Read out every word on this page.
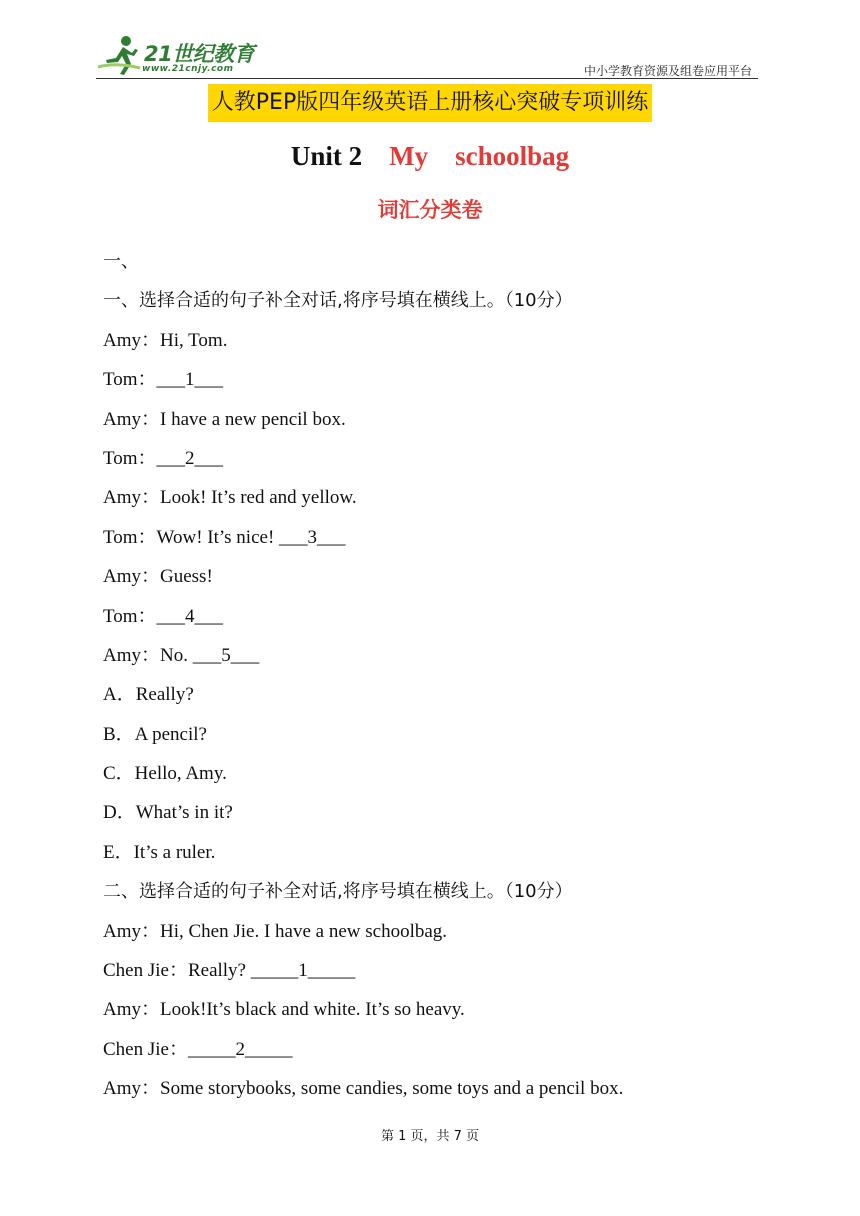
21世纪教育
www.21cnjy.com	中小学教育资源及组卷应用平台
人教PEP版四年级英语上册核心突破专项训练
Unit 2 My schoolbag
词汇分类卷
一、
一、选择合适的句子补全对话,将序号填在横线上。（10分）
Amy：Hi, Tom.
Tom：___1___
Amy：I have a new pencil box.
Tom：___2___
Amy：Look! It’s red and yellow.
Tom：Wow! It’s nice! ___3___
Amy：Guess!
Tom：___4___
Amy：No. ___5___
A．Really?
B．A pencil?
C．Hello, Amy.
D．What’s in it?
E．It’s a ruler.
二、选择合适的句子补全对话,将序号填在横线上。（10分）
Amy：Hi, Chen Jie. I have a new schoolbag.
Chen Jie：Really? _____1_____
Amy：Look!It’s black and white. It’s so heavy.
Chen Jie：_____2_____
Amy：Some storybooks, some candies, some toys and a pencil box.
第 1 页，共 7 页
